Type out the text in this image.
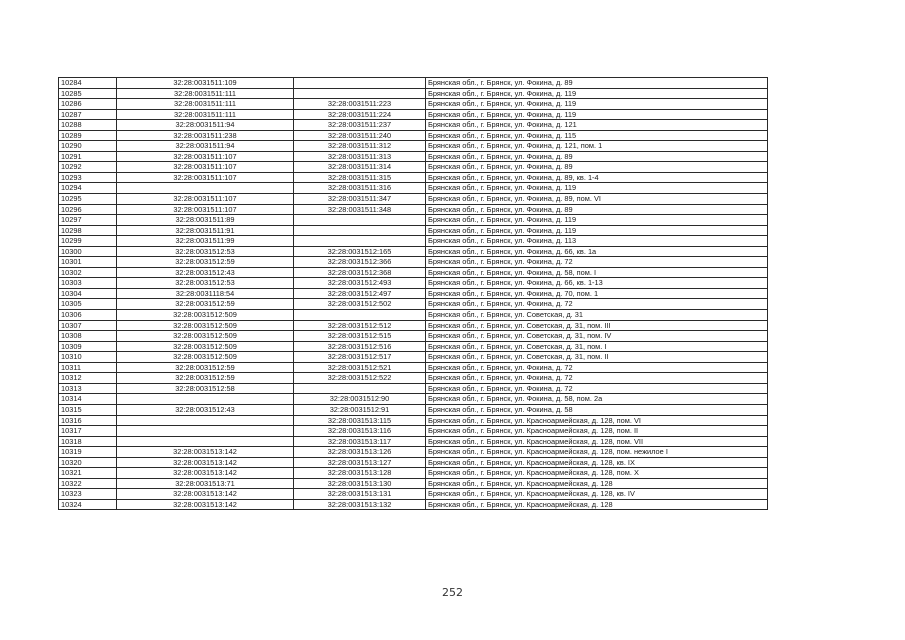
10284	32:28:0031511:109		Брянская обл., г. Брянск, ул. Фокина, д. 89
10285	32:28:0031511:111		Брянская обл., г. Брянск, ул. Фокина, д. 119
10286	32:28:0031511:111	32:28:0031511:223	Брянская обл., г. Брянск, ул. Фокина, д. 119
10287	32:28:0031511:111	32:28:0031511:224	Брянская обл., г. Брянск, ул. Фокина, д. 119
10288	32:28:0031511:94	32:28:0031511:237	Брянская обл., г. Брянск, ул. Фокина, д. 121
10289	32:28:0031511:238	32:28:0031511:240	Брянская обл., г. Брянск, ул. Фокина, д. 115
10290	32:28:0031511:94	32:28:0031511:312	Брянская обл., г. Брянск, ул. Фокина, д. 121, пом. 1
10291	32:28:0031511:107	32:28:0031511:313	Брянская обл., г. Брянск, ул. Фокина, д. 89
10292	32:28:0031511:107	32:28:0031511:314	Брянская обл., г. Брянск, ул. Фокина, д. 89
10293	32:28:0031511:107	32:28:0031511:315	Брянская обл., г. Брянск, ул. Фокина, д. 89, кв. 1-4
10294		32:28:0031511:316	Брянская обл., г. Брянск, ул. Фокина, д. 119
10295	32:28:0031511:107	32:28:0031511:347	Брянская обл., г. Брянск, ул. Фокина, д. 89, пом. VI
10296	32:28:0031511:107	32:28:0031511:348	Брянская обл., г. Брянск, ул. Фокина, д. 89
10297	32:28:0031511:89		Брянская обл., г. Брянск, ул. Фокина, д. 119
10298	32:28:0031511:91		Брянская обл., г. Брянск, ул. Фокина, д. 119
10299	32:28:0031511:99		Брянская обл., г. Брянск, ул. Фокина, д. 113
10300	32:28:0031512:53	32:28:0031512:165	Брянская обл., г. Брянск, ул. Фокина, д. 66, кв. 1а
10301	32:28:0031512:59	32:28:0031512:366	Брянская обл., г. Брянск, ул. Фокина, д. 72
10302	32:28:0031512:43	32:28:0031512:368	Брянская обл., г. Брянск, ул. Фокина, д. 58, пом. I
10303	32:28:0031512:53	32:28:0031512:493	Брянская обл., г. Брянск, ул. Фокина, д. 66, кв. 1-13
10304	32:28:0031118:54	32:28:0031512:497	Брянская обл., г. Брянск, ул. Фокина, д. 70, пом. 1
10305	32:28:0031512:59	32:28:0031512:502	Брянская обл., г. Брянск, ул. Фокина, д. 72
10306	32:28:0031512:509		Брянская обл., г. Брянск, ул. Советская, д. 31
10307	32:28:0031512:509	32:28:0031512:512	Брянская обл., г. Брянск, ул. Советская, д. 31, пом. III
10308	32:28:0031512:509	32:28:0031512:515	Брянская обл., г. Брянск, ул. Советская, д. 31, пом. IV
10309	32:28:0031512:509	32:28:0031512:516	Брянская обл., г. Брянск, ул. Советская, д. 31, пом. I
10310	32:28:0031512:509	32:28:0031512:517	Брянская обл., г. Брянск, ул. Советская, д. 31, пом. II
10311	32:28:0031512:59	32:28:0031512:521	Брянская обл., г. Брянск, ул. Фокина, д. 72
10312	32:28:0031512:59	32:28:0031512:522	Брянская обл., г. Брянск, ул. Фокина, д. 72
10313	32:28:0031512:58		Брянская обл., г. Брянск, ул. Фокина, д. 72
10314		32:28:0031512:90	Брянская обл., г. Брянск, ул. Фокина, д. 58, пом. 2а
10315	32:28:0031512:43	32:28:0031512:91	Брянская обл., г. Брянск, ул. Фокина, д. 58
10316		32:28:0031513:115	Брянская обл., г. Брянск, ул. Красноармейская, д. 128, пом. VI
10317		32:28:0031513:116	Брянская обл., г. Брянск, ул. Красноармейская, д. 128, пом. II
10318		32:28:0031513:117	Брянская обл., г. Брянск, ул. Красноармейская, д. 128, пом. VII
10319	32:28:0031513:142	32:28:0031513:126	Брянская обл., г. Брянск, ул. Красноармейская, д. 128, пом. нежилое I
10320	32:28:0031513:142	32:28:0031513:127	Брянская обл., г. Брянск, ул. Красноармейская, д. 128, кв. IX
10321	32:28:0031513:142	32:28:0031513:128	Брянская обл., г. Брянск, ул. Красноармейская, д. 128, пом. X
10322	32:28:0031513:71	32:28:0031513:130	Брянская обл., г. Брянск, ул. Красноармейская, д. 128
10323	32:28:0031513:142	32:28:0031513:131	Брянская обл., г. Брянск, ул. Красноармейская, д. 128, кв. IV
10324	32:28:0031513:142	32:28:0031513:132	Брянская обл., г. Брянск, ул. Красноармейская, д. 128
252
